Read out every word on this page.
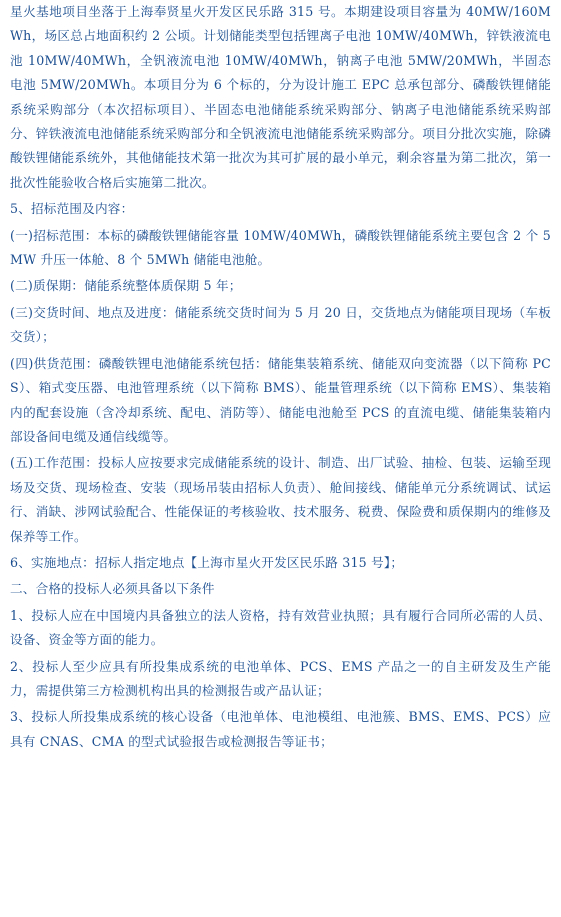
星火基地项目坐落于上海奉贤星火开发区民乐路 315 号。本期建设项目容量为 40MW/160MWh，场区总占地面积约 2 公顷。计划储能类型包括锂离子电池 10MW/40MWh，锌铁液流电池 10MW/40MWh，全钒液流电池 10MW/40MWh，钠离子电池 5MW/20MWh，半固态电池 5MW/20MWh。本项目分为 6 个标的，分为设计施工 EPC 总承包部分、磷酸铁锂储能系统采购部分（本次招标项目）、半固态电池储能系统采购部分、钠离子电池储能系统采购部分、锌铁液流电池储能系统采购部分和全钒液流电池储能系统采购部分。项目分批次实施，除磷酸铁锂储能系统外，其他储能技术第一批次为其可扩展的最小单元，剩余容量为第二批次，第一批次性能验收合格后实施第二批次。

5、招标范围及内容：

(一)招标范围：本标的磷酸铁锂储能容量 10MW/40MWh，磷酸铁锂储能系统主要包含 2 个 5MW 升压一体舱、8 个 5MWh 储能电池舱。

(二)质保期：储能系统整体质保期 5 年；

(三)交货时间、地点及进度：储能系统交货时间为 5 月 20 日，交货地点为储能项目现场（车板交货）；

(四)供货范围：磷酸铁锂电池储能系统包括：储能集装箱系统、储能双向变流器（以下简称 PCS）、箱式变压器、电池管理系统（以下简称 BMS）、能量管理系统（以下简称 EMS）、集装箱内的配套设施（含冷却系统、配电、消防等）、储能电池舱至 PCS 的直流电缆、储能集装箱内部设备间电缆及通信线缆等。

(五)工作范围：投标人应按要求完成储能系统的设计、制造、出厂试验、抽检、包装、运输至现场及交货、现场检查、安装（现场吊装由招标人负责）、舱间接线、储能单元分系统调试、试运行、消缺、涉网试验配合、性能保证的考核验收、技术服务、税费、保险费和质保期内的维修及保养等工作。

6、实施地点：招标人指定地点【上海市星火开发区民乐路 315 号】；

二、合格的投标人必须具备以下条件

1、投标人应在中国境内具备独立的法人资格，持有效营业执照；具有履行合同所必需的人员、设备、资金等方面的能力。

2、投标人至少应具有所投集成系统的电池单体、PCS、EMS 产品之一的自主研发及生产能力，需提供第三方检测机构出具的检测报告或产品认证；

3、投标人所投集成系统的核心设备（电池单体、电池模组、电池簇、BMS、EMS、PCS）应具有 CNAS、CMA 的型式试验报告或检测报告等证书；
